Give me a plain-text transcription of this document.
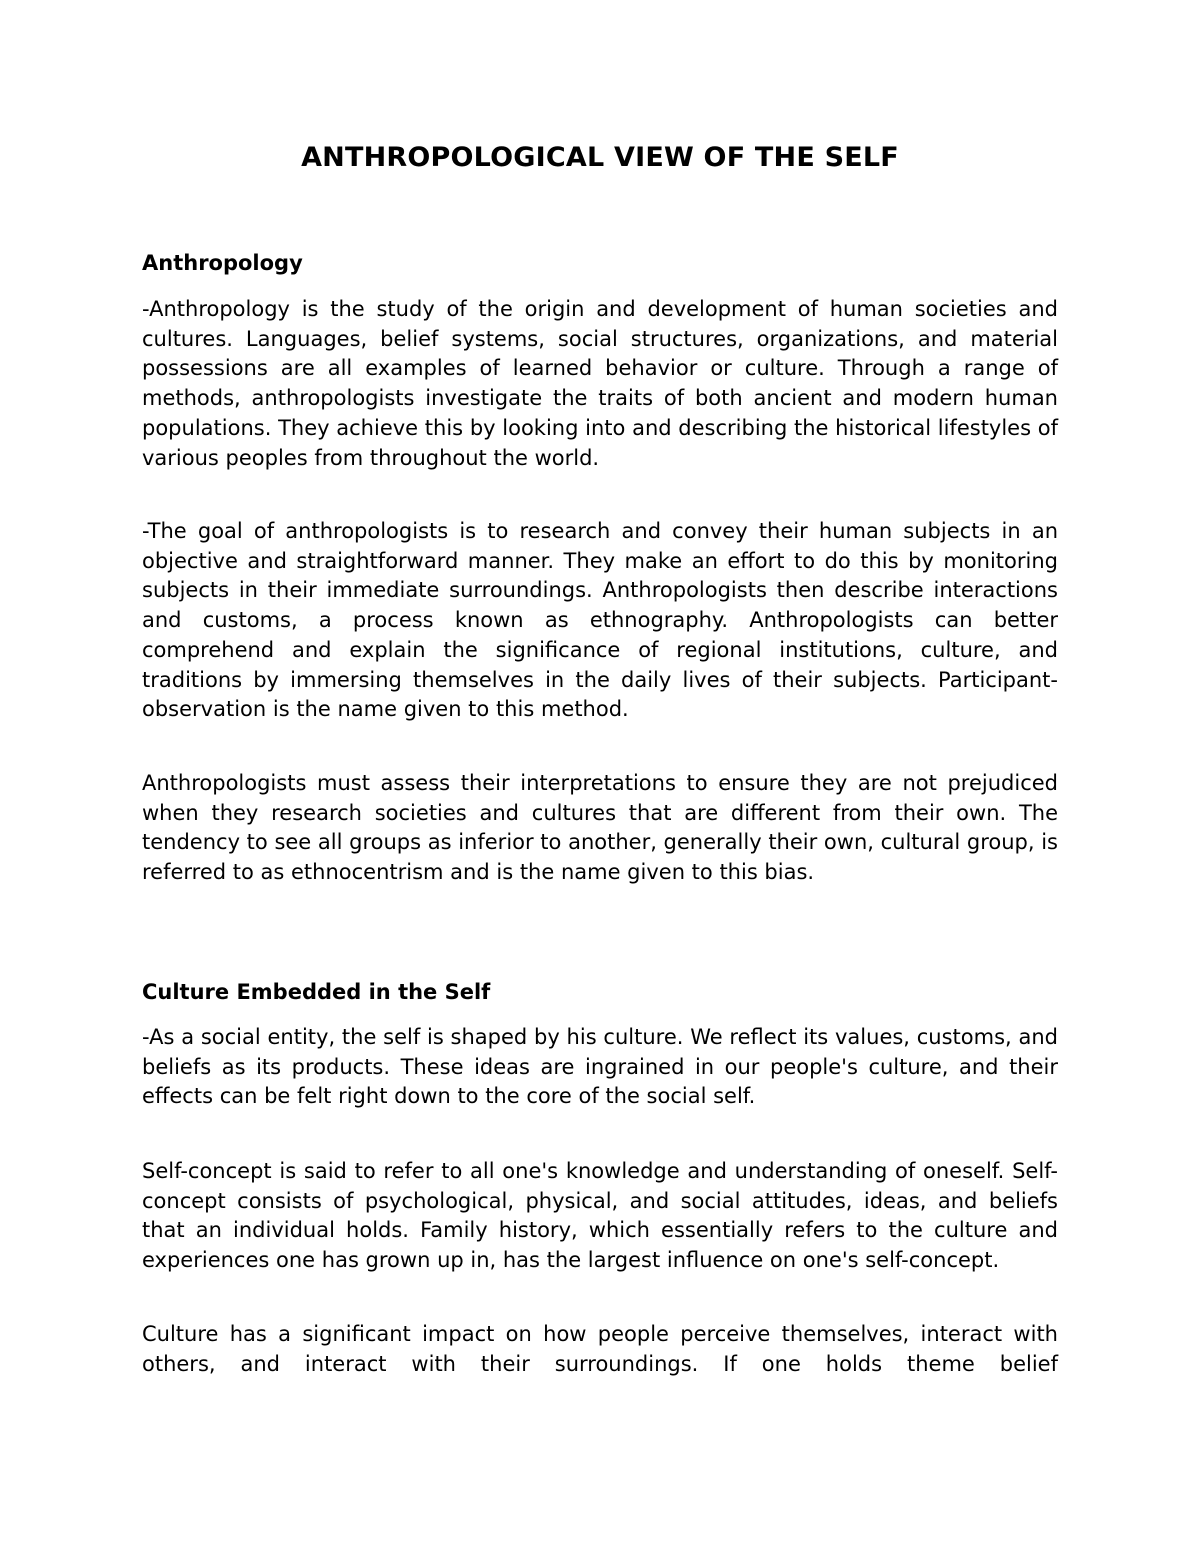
ANTHROPOLOGICAL VIEW OF THE SELF
Anthropology

-Anthropology is the study of the origin and development of human societies and cultures. Languages, belief systems, social structures, organizations, and material possessions are all examples of learned behavior or culture. Through a range of methods, anthropologists investigate the traits of both ancient and modern human populations. They achieve this by looking into and describing the historical lifestyles of various peoples from throughout the world.

-The goal of anthropologists is to research and convey their human subjects in an objective and straightforward manner. They make an effort to do this by monitoring subjects in their immediate surroundings. Anthropologists then describe interactions and customs, a process known as ethnography. Anthropologists can better comprehend and explain the significance of regional institutions, culture, and traditions by immersing themselves in the daily lives of their subjects. Participant-observation is the name given to this method.

Anthropologists must assess their interpretations to ensure they are not prejudiced when they research societies and cultures that are different from their own. The tendency to see all groups as inferior to another, generally their own, cultural group, is referred to as ethnocentrism and is the name given to this bias.

Culture Embedded in the Self

-As a social entity, the self is shaped by his culture. We reflect its values, customs, and beliefs as its products. These ideas are ingrained in our people's culture, and their effects can be felt right down to the core of the social self.

Self-concept is said to refer to all one's knowledge and understanding of oneself. Self-concept consists of psychological, physical, and social attitudes, ideas, and beliefs that an individual holds. Family history, which essentially refers to the culture and experiences one has grown up in, has the largest influence on one's self-concept.

Culture has a significant impact on how people perceive themselves, interact with others, and interact with their surroundings. If one holds theme belief
